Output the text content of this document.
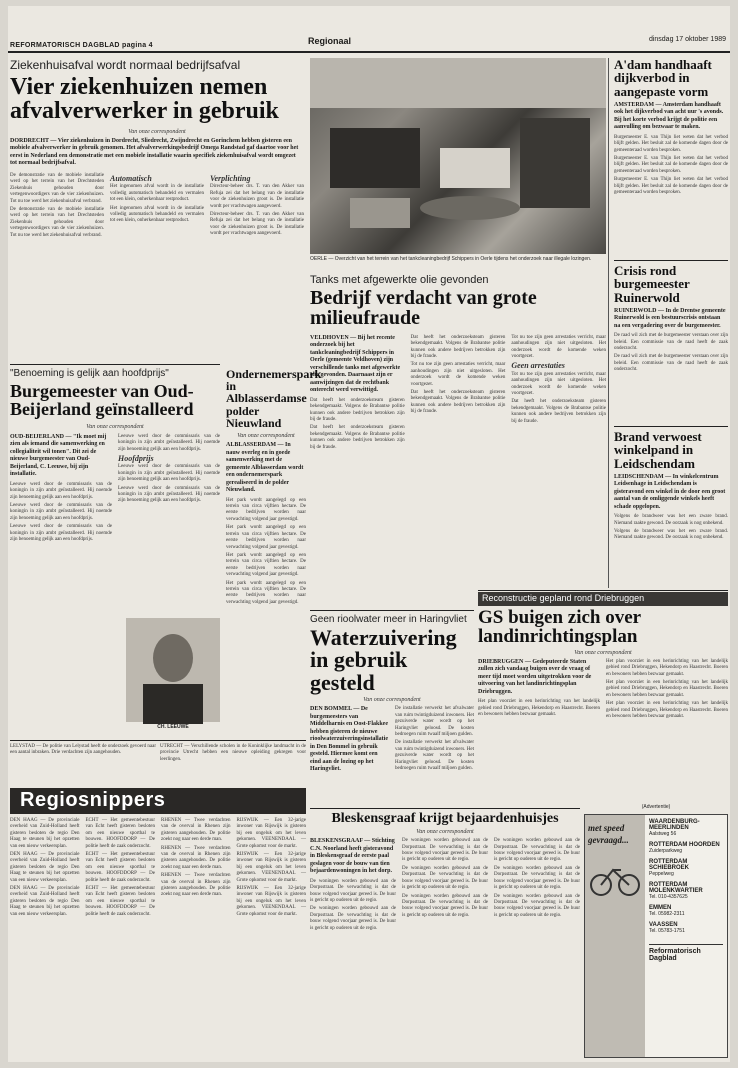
REFORMATORISCH DAGBLAD pagina 4	Regionaal	dinsdag 17 oktober 1989
Ziekenhuisafval wordt normaal bedrijfsafval
Vier ziekenhuizen nemen afvalverwerker in gebruik
Van onze correspondent
DORDRECHT — Vier ziekenhuizen in Dordrecht, Sliedrecht, Zwijndrecht en Gorinchem hebben gisteren een mobiele afvalverwerker in gebruik genomen. Het afvalverwerkingsbedrijf Omega Randstad gaf daartoe voor het eerst in Nederland een demonstratie met een mobiele installatie waarin specifiek ziekenhuisafval wordt omgezet tot normaal bedrijfsafval.

De demonstratie van de mobiele installatie werd op het terrein van het Drechtsteden Ziekenhuis gehouden door vertegenwoordigers van de vier ziekenhuizen. Tot nu toe werd het ziekenhuisafval verbrand.

De demonstratie van de mobiele installatie werd op het terrein van het Drechtsteden Ziekenhuis gehouden door vertegenwoordigers van de vier ziekenhuizen. Tot nu toe werd het ziekenhuisafval verbrand.

Automatisch

Het ingenomen afval wordt in de installatie volledig automatisch behandeld en vermalen tot een klein, onherkenbaar restproduct.

Het ingenomen afval wordt in de installatie volledig automatisch behandeld en vermalen tot een klein, onherkenbaar restproduct.

Verplichting

Directeur-beheer drs. T. van den Akker van Refuja zei dat het belang van de installatie voor de ziekenhuizen groot is. De installatie wordt per vrachtwagen aangevoerd.

Directeur-beheer drs. T. van den Akker van Refuja zei dat het belang van de installatie voor de ziekenhuizen groot is. De installatie wordt per vrachtwagen aangevoerd.

OERLE — Overzicht van het terrein van het tankcleaningbedrijf Schippers in Oerle tijdens het onderzoek naar illegale lozingen.
Tanks met afgewerkte olie gevonden
Bedrijf verdacht van grote milieufraude
VELDHOVEN — Bij het recente onderzoek bij het tankcleaningbedrijf Schippers in Oerle (gemeente Veldhoven) zijn verschillende tanks met afgewerkte olie gevonden. Daarnaast zijn er aanwijzingen dat de rechtbank onterecht werd verwittigd.

Dat heeft het onderzoeksteam gisteren bekendgemaakt. Volgens de Brabantse politie kunnen ook andere bedrijven betrokken zijn bij de fraude.

Dat heeft het onderzoeksteam gisteren bekendgemaakt. Volgens de Brabantse politie kunnen ook andere bedrijven betrokken zijn bij de fraude.

Dat heeft het onderzoeksteam gisteren bekendgemaakt. Volgens de Brabantse politie kunnen ook andere bedrijven betrokken zijn bij de fraude.

Tot nu toe zijn geen arrestaties verricht, maar aanhoudingen zijn niet uitgesloten. Het onderzoek wordt de komende weken voortgezet.

Dat heeft het onderzoeksteam gisteren bekendgemaakt. Volgens de Brabantse politie kunnen ook andere bedrijven betrokken zijn bij de fraude.

Tot nu toe zijn geen arrestaties verricht, maar aanhoudingen zijn niet uitgesloten. Het onderzoek wordt de komende weken voortgezet.

Geen arrestaties

Tot nu toe zijn geen arrestaties verricht, maar aanhoudingen zijn niet uitgesloten. Het onderzoek wordt de komende weken voortgezet.

Dat heeft het onderzoeksteam gisteren bekendgemaakt. Volgens de Brabantse politie kunnen ook andere bedrijven betrokken zijn bij de fraude.

A'dam handhaaft dijkverbod in aangepaste vorm
AMSTERDAM — Amsterdam handhaaft ook het dijkverbod van acht uur 's avonds. Bij het korte verbod krijgt de politie een aanvulling om bezwaar te maken.

Burgemeester E. van Thijn liet weten dat het verbod blijft gelden. Het besluit zal de komende dagen door de gemeenteraad worden besproken.

Burgemeester E. van Thijn liet weten dat het verbod blijft gelden. Het besluit zal de komende dagen door de gemeenteraad worden besproken.

Burgemeester E. van Thijn liet weten dat het verbod blijft gelden. Het besluit zal de komende dagen door de gemeenteraad worden besproken.

Crisis rond burgemeester Ruinerwold
RUINERWOLD — In de Drentse gemeente Ruinerwold is een bestuurscrisis ontstaan na een vergadering over de burgemeester.

De raad wil zich met de burgemeester verstaan over zijn beleid. Een commissie van de raad heeft de zaak onderzocht.

De raad wil zich met de burgemeester verstaan over zijn beleid. Een commissie van de raad heeft de zaak onderzocht.

Brand verwoest winkelpand in Leidschendam
LEIDSCHENDAM — In winkelcentrum Leidsenhage in Leidschendam is gisteravond een winkel in de door een groot aantal van de omliggende winkels heeft schade opgelopen.

Volgens de brandweer was het een zware brand. Niemand raakte gewond. De oorzaak is nog onbekend.

Volgens de brandweer was het een zware brand. Niemand raakte gewond. De oorzaak is nog onbekend.

"Benoeming is gelijk aan hoofdprijs"
Burgemeester van Oud-Beijerland geïnstalleerd
Van onze correspondent
OUD-BEIJERLAND — "Ik moet mij zien als iemand die samenwerking en collegialiteit wil tonen". Dit zei de nieuwe burgemeester van Oud-Beijerland, C. Leeuwe, bij zijn installatie.

Leeuwe werd door de commissaris van de koningin in zijn ambt geïnstalleerd. Hij noemde zijn benoeming gelijk aan een hoofdprijs.

Leeuwe werd door de commissaris van de koningin in zijn ambt geïnstalleerd. Hij noemde zijn benoeming gelijk aan een hoofdprijs.

Leeuwe werd door de commissaris van de koningin in zijn ambt geïnstalleerd. Hij noemde zijn benoeming gelijk aan een hoofdprijs.

Leeuwe werd door de commissaris van de koningin in zijn ambt geïnstalleerd. Hij noemde zijn benoeming gelijk aan een hoofdprijs.

Hoofdprijs

Leeuwe werd door de commissaris van de koningin in zijn ambt geïnstalleerd. Hij noemde zijn benoeming gelijk aan een hoofdprijs.

Leeuwe werd door de commissaris van de koningin in zijn ambt geïnstalleerd. Hij noemde zijn benoeming gelijk aan een hoofdprijs.

CH. LEEUWE
Ondernemerspark in Alblasserdamse polder Nieuwland
Van onze correspondent
ALBLASSERDAM — In nauw overleg en in goede samenwerking met de gemeente Alblasserdam wordt een ondernemerspark gerealiseerd in de polder Nieuwland.

Het park wordt aangelegd op een terrein van circa vijftien hectare. De eerste bedrijven worden naar verwachting volgend jaar gevestigd.

Het park wordt aangelegd op een terrein van circa vijftien hectare. De eerste bedrijven worden naar verwachting volgend jaar gevestigd.

Het park wordt aangelegd op een terrein van circa vijftien hectare. De eerste bedrijven worden naar verwachting volgend jaar gevestigd.

Het park wordt aangelegd op een terrein van circa vijftien hectare. De eerste bedrijven worden naar verwachting volgend jaar gevestigd.

LELYSTAD — De politie van Lelystad heeft de onderzoek gevoerd naar een aantal inbraken. Drie verdachten zijn aangehouden.
UTRECHT — Verschillende scholen in de Koninklijke landmacht in de provincie Utrecht hebben een nieuwe opleiding gekregen voor leerlingen.
Regiosnippers

DEN HAAG — De provinciale overheid van Zuid-Holland heeft gisteren besloten de regio Den Haag te steunen bij het opzetten van een nieuw verkeersplan.

DEN HAAG — De provinciale overheid van Zuid-Holland heeft gisteren besloten de regio Den Haag te steunen bij het opzetten van een nieuw verkeersplan.

DEN HAAG — De provinciale overheid van Zuid-Holland heeft gisteren besloten de regio Den Haag te steunen bij het opzetten van een nieuw verkeersplan.

ECHT — Het gemeentebestuur van Echt heeft gisteren besloten om een nieuwe sporthal te bouwen. HOOFDDORP — De politie heeft de zaak onderzocht.

ECHT — Het gemeentebestuur van Echt heeft gisteren besloten om een nieuwe sporthal te bouwen. HOOFDDORP — De politie heeft de zaak onderzocht.

ECHT — Het gemeentebestuur van Echt heeft gisteren besloten om een nieuwe sporthal te bouwen. HOOFDDORP — De politie heeft de zaak onderzocht.

RHENEN — Twee verdachten van de overval in Rhenen zijn gisteren aangehouden. De politie zoekt nog naar een derde man.

RHENEN — Twee verdachten van de overval in Rhenen zijn gisteren aangehouden. De politie zoekt nog naar een derde man.

RHENEN — Twee verdachten van de overval in Rhenen zijn gisteren aangehouden. De politie zoekt nog naar een derde man.

RIJSWIJK — Een 32-jarige inwoner van Rijswijk is gisteren bij een ongeluk om het leven gekomen. VEENENDAAL — Grote opkomst voor de markt.

RIJSWIJK — Een 32-jarige inwoner van Rijswijk is gisteren bij een ongeluk om het leven gekomen. VEENENDAAL — Grote opkomst voor de markt.

RIJSWIJK — Een 32-jarige inwoner van Rijswijk is gisteren bij een ongeluk om het leven gekomen. VEENENDAAL — Grote opkomst voor de markt.

Reconstructie gepland rond Driebruggen
GS buigen zich over landinrichtingsplan
Van onze correspondent
DRIEBRUGGEN — Gedeputeerde Staten zullen zich vandaag buigen over de vraag of meer tijd moet worden uitgetrokken voor de uitvoering van het landinrichtingsplan Driebruggen.

Het plan voorziet in een herinrichting van het landelijk gebied rond Driebruggen, Hekendorp en Haastrecht. Boeren en bewoners hebben bezwaar gemaakt.

Het plan voorziet in een herinrichting van het landelijk gebied rond Driebruggen, Hekendorp en Haastrecht. Boeren en bewoners hebben bezwaar gemaakt.

Het plan voorziet in een herinrichting van het landelijk gebied rond Driebruggen, Hekendorp en Haastrecht. Boeren en bewoners hebben bezwaar gemaakt.

Het plan voorziet in een herinrichting van het landelijk gebied rond Driebruggen, Hekendorp en Haastrecht. Boeren en bewoners hebben bezwaar gemaakt.

Geen rioolwater meer in Haringvliet
Waterzuivering in gebruik gesteld
Van onze correspondent
DEN BOMMEL — De burgemeesters van Middelharnis en Oost-Flakkee hebben gisteren de nieuwe rioolwaterzuiveringsinstallatie in Den Bommel in gebruik gesteld. Hiermee komt een eind aan de lozing op het Haringvliet.

De installatie verwerkt het afvalwater van ruim twintigduizend inwoners. Het gezuiverde water wordt op het Haringvliet geloosd. De kosten bedroegen ruim twaalf miljoen gulden.

De installatie verwerkt het afvalwater van ruim twintigduizend inwoners. Het gezuiverde water wordt op het Haringvliet geloosd. De kosten bedroegen ruim twaalf miljoen gulden.

Bleskensgraaf krijgt bejaardenhuisjes
Van onze correspondent
BLESKENSGRAAF — Stichting C.N. Noorland heeft gisteravond in Bleskensgraaf de eerste paal geslagen voor de bouw van tien bejaardenwoningen in het dorp.

De woningen worden gebouwd aan de Dorpsstraat. De verwachting is dat de bouw volgend voorjaar gereed is. De huur is gericht op ouderen uit de regio.

De woningen worden gebouwd aan de Dorpsstraat. De verwachting is dat de bouw volgend voorjaar gereed is. De huur is gericht op ouderen uit de regio.

De woningen worden gebouwd aan de Dorpsstraat. De verwachting is dat de bouw volgend voorjaar gereed is. De huur is gericht op ouderen uit de regio.

De woningen worden gebouwd aan de Dorpsstraat. De verwachting is dat de bouw volgend voorjaar gereed is. De huur is gericht op ouderen uit de regio.

De woningen worden gebouwd aan de Dorpsstraat. De verwachting is dat de bouw volgend voorjaar gereed is. De huur is gericht op ouderen uit de regio.

De woningen worden gebouwd aan de Dorpsstraat. De verwachting is dat de bouw volgend voorjaar gereed is. De huur is gericht op ouderen uit de regio.

De woningen worden gebouwd aan de Dorpsstraat. De verwachting is dat de bouw volgend voorjaar gereed is. De huur is gericht op ouderen uit de regio.

De woningen worden gebouwd aan de Dorpsstraat. De verwachting is dat de bouw volgend voorjaar gereed is. De huur is gericht op ouderen uit de regio.

(Advertentie)
met speed
gevraagd...
WAARDENBURG-MEERLINDEN
Aalstweg 56
ROTTERDAM HOORDEN
Zuiderparkweg
ROTTERDAM SCHIEBROEK
Peppelweg
ROTTERDAM MOLENKWARTIER
Tel. 010-4357625
EMMEN
Tel. 05982-2311
VAASSEN
Tel. 05783-1751
Reformatorisch Dagblad
